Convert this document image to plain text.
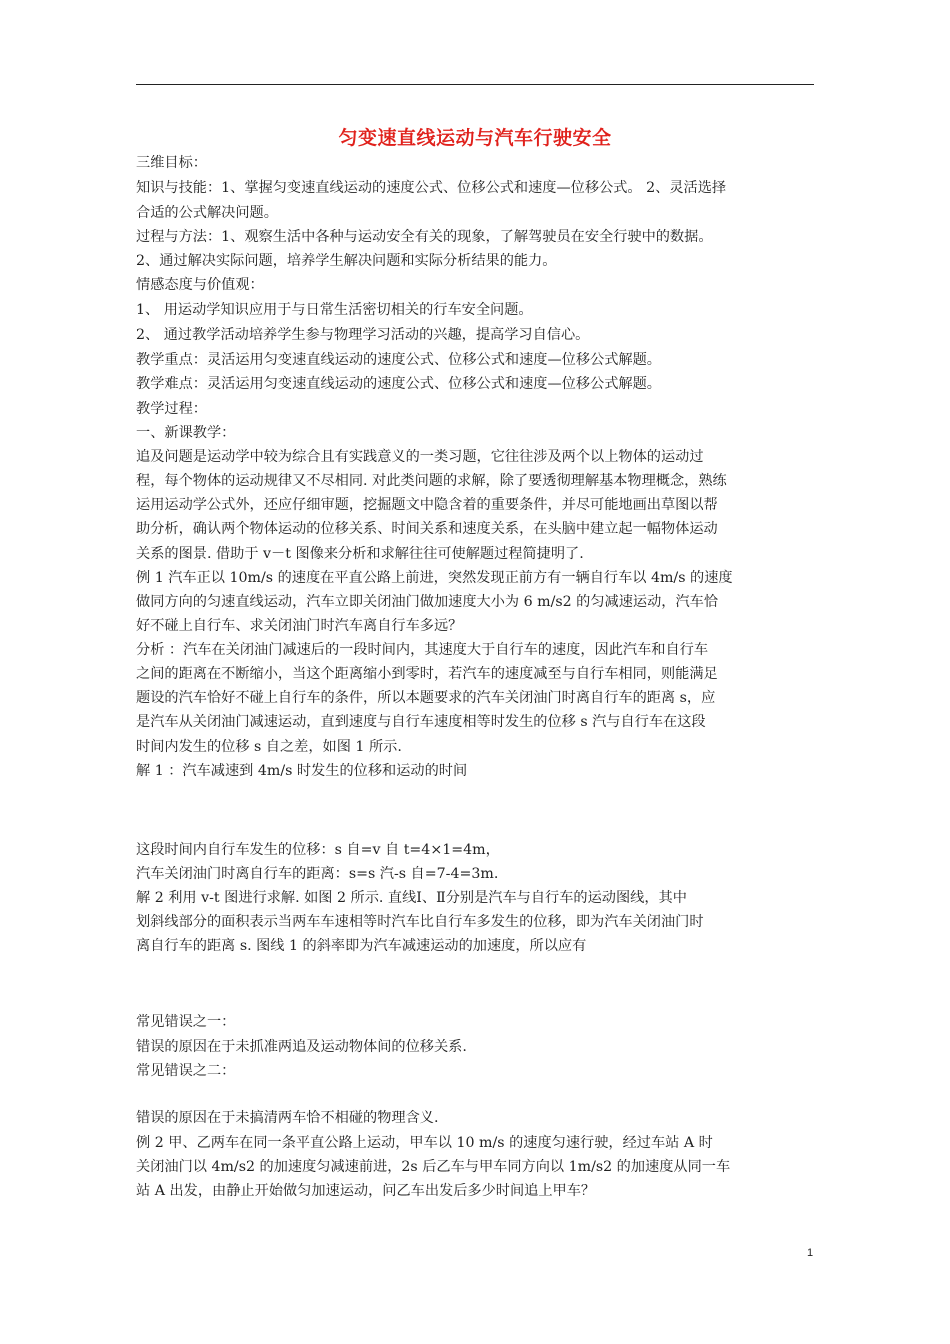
匀变速直线运动与汽车行驶安全
三维目标：
知识与技能：1、掌握匀变速直线运动的速度公式、位移公式和速度—位移公式。 2、灵活选择
合适的公式解决问题。
过程与方法：1、观察生活中各种与运动安全有关的现象，了解驾驶员在安全行驶中的数据。
2、通过解决实际问题，培养学生解决问题和实际分析结果的能力。
情感态度与价值观：
1、 用运动学知识应用于与日常生活密切相关的行车安全问题。
2、 通过教学活动培养学生参与物理学习活动的兴趣，提高学习自信心。
教学重点：灵活运用匀变速直线运动的速度公式、位移公式和速度—位移公式解题。
教学难点：灵活运用匀变速直线运动的速度公式、位移公式和速度—位移公式解题。
教学过程：
一、新课教学：
追及问题是运动学中较为综合且有实践意义的一类习题，它往往涉及两个以上物体的运动过
程，每个物体的运动规律又不尽相同. 对此类问题的求解，除了要透彻理解基本物理概念，熟练
运用运动学公式外，还应仔细审题，挖掘题文中隐含着的重要条件，并尽可能地画出草图以帮
助分析，确认两个物体运动的位移关系、时间关系和速度关系，在头脑中建立起一幅物体运动
关系的图景. 借助于 v－t 图像来分析和求解往往可使解题过程简捷明了.
例 1 汽车正以 10m/s 的速度在平直公路上前进，突然发现正前方有一辆自行车以 4m/s 的速度
做同方向的匀速直线运动，汽车立即关闭油门做加速度大小为 6 m/s2 的匀减速运动，汽车恰
好不碰上自行车、求关闭油门时汽车离自行车多远？
分析 ：汽车在关闭油门减速后的一段时间内，其速度大于自行车的速度，因此汽车和自行车
之间的距离在不断缩小，当这个距离缩小到零时，若汽车的速度减至与自行车相同，则能满足
题设的汽车恰好不碰上自行车的条件，所以本题要求的汽车关闭油门时离自行车的距离 s，应
是汽车从关闭油门减速运动，直到速度与自行车速度相等时发生的位移 s 汽与自行车在这段
时间内发生的位移 s 自之差，如图 1 所示.
解 1 ：汽车减速到 4m/s 时发生的位移和运动的时间
这段时间内自行车发生的位移：s 自=v 自 t=4×1=4m，
汽车关闭油门时离自行车的距离：s=s 汽-s 自=7-4=3m.
解 2 利用 v-t 图进行求解. 如图 2 所示. 直线Ⅰ、Ⅱ分别是汽车与自行车的运动图线，其中
划斜线部分的面积表示当两车车速相等时汽车比自行车多发生的位移，即为汽车关闭油门时
离自行车的距离 s. 图线 1 的斜率即为汽车减速运动的加速度，所以应有
常见错误之一：
错误的原因在于未抓准两追及运动物体间的位移关系.
常见错误之二：
错误的原因在于未搞清两车恰不相碰的物理含义.
例 2 甲、乙两车在同一条平直公路上运动，甲车以 10 m/s 的速度匀速行驶，经过车站 A 时
关闭油门以 4m/s2 的加速度匀减速前进，2s 后乙车与甲车同方向以 1m/s2 的加速度从同一车
站 A 出发，由静止开始做匀加速运动，问乙车出发后多少时间追上甲车？
1
